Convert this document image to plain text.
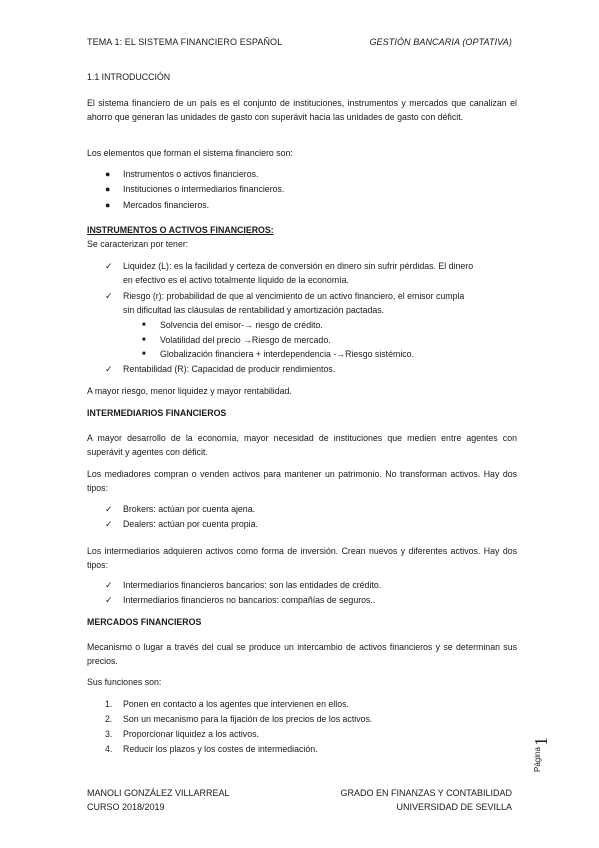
TEMA 1: EL SISTEMA FINANCIERO ESPAÑOL	GESTIÓN BANCARIA (OPTATIVA)
1.1 INTRODUCCIÓN
El sistema financiero de un país es el conjunto de instituciones, instrumentos y mercados que canalizan el ahorro que generan las unidades de gasto con superávit hacia las unidades de gasto con déficit.
Los elementos que forman el sistema financiero son:
● Instrumentos o activos financieros.
● Instituciones o intermediarios financieros.
● Mercados financieros.
INSTRUMENTOS O ACTIVOS FINANCIEROS:
Se caracterizan por tener:
✓ Liquidez (L): es la facilidad y certeza de conversión en dinero sin sufrir pérdidas. El dinero
en efectivo es el activo totalmente líquido de la economía.
✓ Riesgo (r): probabilidad de que al vencimiento de un activo financiero, el emisor cumpla
sin dificultad las cláusulas de rentabilidad y amortización pactadas.
■ Solvencia del emisor-→ riesgo de crédito.
■ Volatilidad del precio →Riesgo de mercado.
■ Globalización financiera + interdependencia -→Riesgo sistémico.
✓ Rentabilidad (R): Capacidad de producir rendimientos.
A mayor riesgo, menor liquidez y mayor rentabilidad.
INTERMEDIARIOS FINANCIEROS
A mayor desarrollo de la economía, mayor necesidad de instituciones que medien entre agentes con superávit y agentes con déficit.
Los mediadores compran o venden activos para mantener un patrimonio. No transforman activos. Hay dos tipos:
✓ Brokers: actúan por cuenta ajena.
✓ Dealers: actúan por cuenta propia.
Los intermediarios adquieren activos como forma de inversión. Crean nuevos y diferentes activos. Hay dos tipos:
✓ Intermediarios financieros bancarios: son las entidades de crédito.
✓ Intermediarios financieros no bancarios: compañías de seguros..
MERCADOS FINANCIEROS
Mecanismo o lugar a través del cual se produce un intercambio de activos financieros y se determinan sus precios.
Sus funciones son:
1. Ponen en contacto a los agentes que intervienen en ellos.
2. Son un mecanismo para la fijación de los precios de los activos.
3. Proporcionar liquidez a los activos.
4. Reducir los plazos y los costes de intermediación.	Página
1
MANOLI GONZÁLEZ VILLARREAL
CURSO 2018/2019
GRADO EN FINANZAS Y CONTABILIDAD
UNIVERSIDAD DE SEVILLA
